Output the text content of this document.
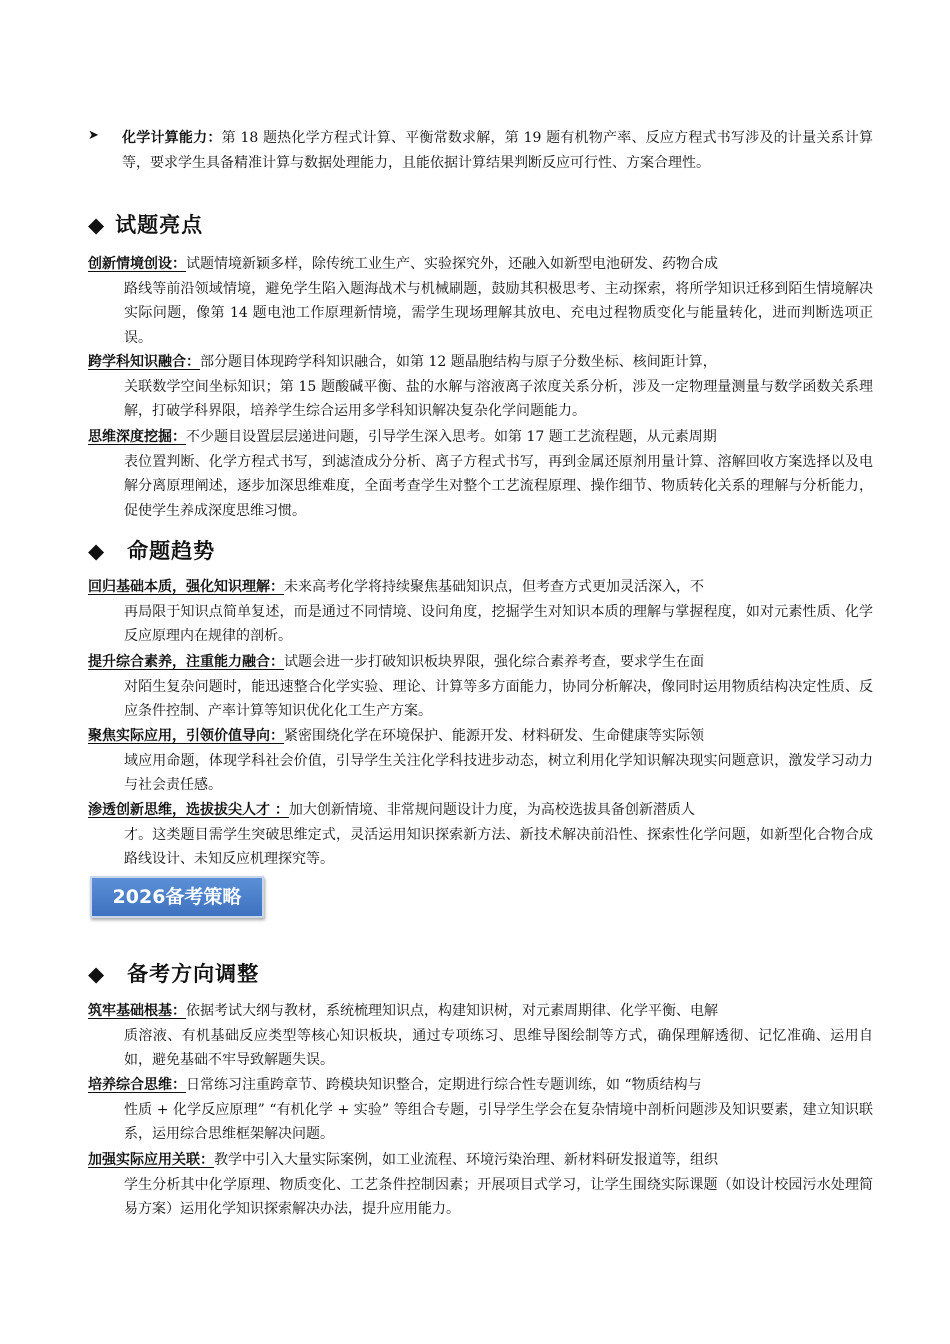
➤ 化学计算能力：第 18 题热化学方程式计算、平衡常数求解，第 19 题有机物产率、反应方程式书写涉及的计量关系计算等，要求学生具备精准计算与数据处理能力，且能依据计算结果判断反应可行性、方案合理性。
◆ 试题亮点
创新情境创设：试题情境新颖多样，除传统工业生产、实验探究外，还融入如新型电池研发、药物合成
路线等前沿领域情境，避免学生陷入题海战术与机械刷题，鼓励其积极思考、主动探索，将所学知识迁移到陌生情境解决实际问题，像第 14 题电池工作原理新情境，需学生现场理解其放电、充电过程物质变化与能量转化，进而判断选项正误。
跨学科知识融合：部分题目体现跨学科知识融合，如第 12 题晶胞结构与原子分数坐标、核间距计算，
关联数学空间坐标知识；第 15 题酸碱平衡、盐的水解与溶液离子浓度关系分析，涉及一定物理量测量与数学函数关系理解，打破学科界限，培养学生综合运用多学科知识解决复杂化学问题能力。
思维深度挖掘：不少题目设置层层递进问题，引导学生深入思考。如第 17 题工艺流程题，从元素周期
表位置判断、化学方程式书写，到滤渣成分分析、离子方程式书写，再到金属还原剂用量计算、溶解回收方案选择以及电解分离原理阐述，逐步加深思维难度，全面考查学生对整个工艺流程原理、操作细节、物质转化关系的理解与分析能力，促使学生养成深度思维习惯。
◆ 命题趋势
回归基础本质，强化知识理解：未来高考化学将持续聚焦基础知识点，但考查方式更加灵活深入，不
再局限于知识点简单复述，而是通过不同情境、设问角度，挖掘学生对知识本质的理解与掌握程度，如对元素性质、化学反应原理内在规律的剖析。
提升综合素养，注重能力融合：试题会进一步打破知识板块界限，强化综合素养考查，要求学生在面
对陌生复杂问题时，能迅速整合化学实验、理论、计算等多方面能力，协同分析解决，像同时运用物质结构决定性质、反应条件控制、产率计算等知识优化化工生产方案。
聚焦实际应用，引领价值导向：紧密围绕化学在环境保护、能源开发、材料研发、生命健康等实际领
域应用命题，体现学科社会价值，引导学生关注化学科技进步动态，树立利用化学知识解决现实问题意识，激发学习动力与社会责任感。
渗透创新思维，选拔拔尖人才 ：加大创新情境、非常规问题设计力度，为高校选拔具备创新潜质人
才。这类题目需学生突破思维定式，灵活运用知识探索新方法、新技术解决前沿性、探索性化学问题，如新型化合物合成路线设计、未知反应机理探究等。
2026备考策略
◆ 备考方向调整
筑牢基础根基：依据考试大纲与教材，系统梳理知识点，构建知识树，对元素周期律、化学平衡、电解
质溶液、有机基础反应类型等核心知识板块，通过专项练习、思维导图绘制等方式，确保理解透彻、记忆准确、运用自如，避免基础不牢导致解题失误。
培养综合思维：日常练习注重跨章节、跨模块知识整合，定期进行综合性专题训练，如 “物质结构与
性质 + 化学反应原理” “有机化学 + 实验” 等组合专题，引导学生学会在复杂情境中剖析问题涉及知识要素，建立知识联系，运用综合思维框架解决问题。
加强实际应用关联：教学中引入大量实际案例，如工业流程、环境污染治理、新材料研发报道等，组织
学生分析其中化学原理、物质变化、工艺条件控制因素；开展项目式学习，让学生围绕实际课题（如设计校园污水处理简易方案）运用化学知识探索解决办法，提升应用能力。
